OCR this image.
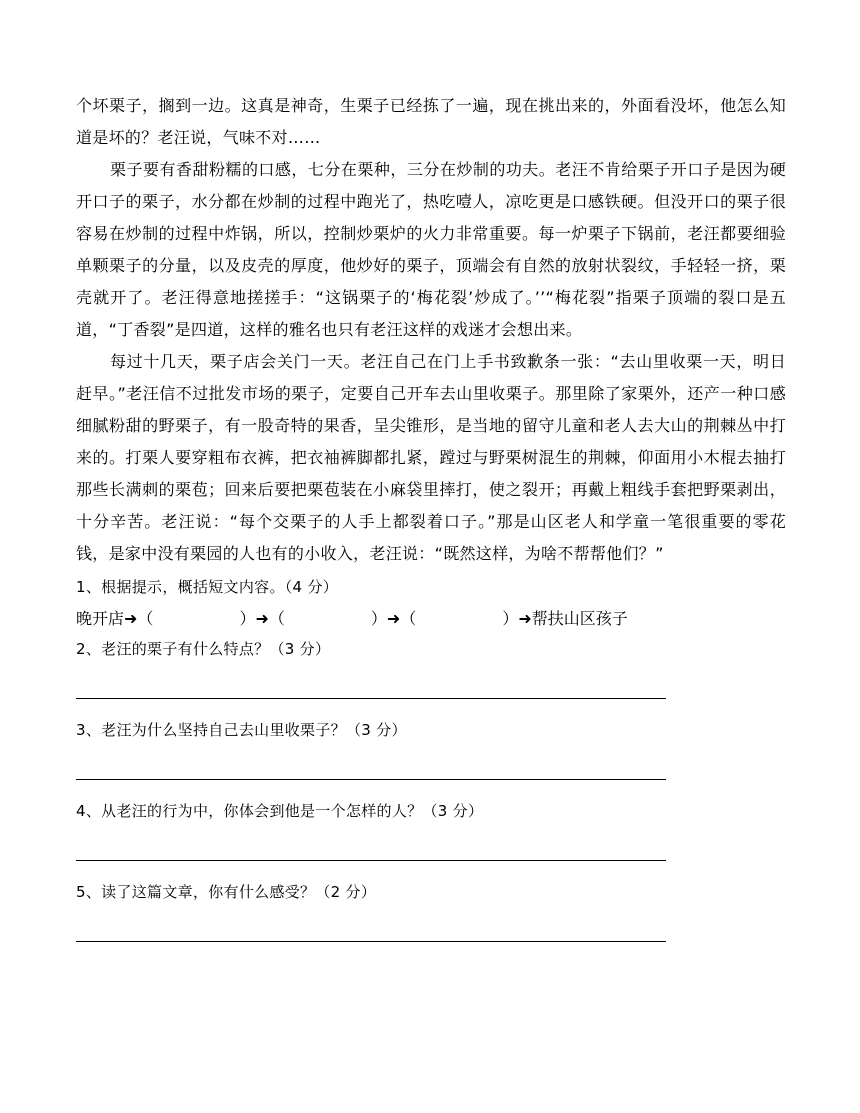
个坏栗子，搁到一边。这真是神奇，生栗子已经拣了一遍，现在挑出来的，外面看没坏，他怎么知道是坏的？老汪说，气味不对……

栗子要有香甜粉糯的口感，七分在栗种，三分在炒制的功夫。老汪不肯给栗子开口子是因为硬开口子的栗子，水分都在炒制的过程中跑光了，热吃噎人，凉吃更是口感铁硬。但没开口的栗子很容易在炒制的过程中炸锅，所以，控制炒栗炉的火力非常重要。每一炉栗子下锅前，老汪都要细验单颗栗子的分量，以及皮壳的厚度，他炒好的栗子，顶端会有自然的放射状裂纹，手轻轻一挤，栗壳就开了。老汪得意地搓搓手：“这锅栗子的‘梅花裂’炒成了。’’“梅花裂”指栗子顶端的裂口是五道，“丁香裂”是四道，这样的雅名也只有老汪这样的戏迷才会想出来。

每过十几天，栗子店会关门一天。老汪自己在门上手书致歉条一张：“去山里收栗一天，明日赶早。”老汪信不过批发市场的栗子，定要自己开车去山里收栗子。那里除了家栗外，还产一种口感细腻粉甜的野栗子，有一股奇特的果香，呈尖锥形，是当地的留守儿童和老人去大山的荆棘丛中打来的。打栗人要穿粗布衣裤，把衣袖裤脚都扎紧，蹚过与野栗树混生的荆棘，仰面用小木棍去抽打那些长满刺的栗苞；回来后要把栗苞装在小麻袋里摔打，使之裂开；再戴上粗线手套把野栗剥出，十分辛苦。老汪说：“每个交栗子的人手上都裂着口子。”那是山区老人和学童一笔很重要的零花钱，是家中没有栗园的人也有的小收入，老汪说：“既然这样，为啥不帮帮他们？”

1、根据提示，概括短文内容。（4 分）

晚开店➜（	）➜（	）➜（	）➜帮扶山区孩子

2、老汪的栗子有什么特点？（3 分）

3、老汪为什么坚持自己去山里收栗子？（3 分）

4、从老汪的行为中，你体会到他是一个怎样的人？（3 分）

5、读了这篇文章，你有什么感受？（2 分）
